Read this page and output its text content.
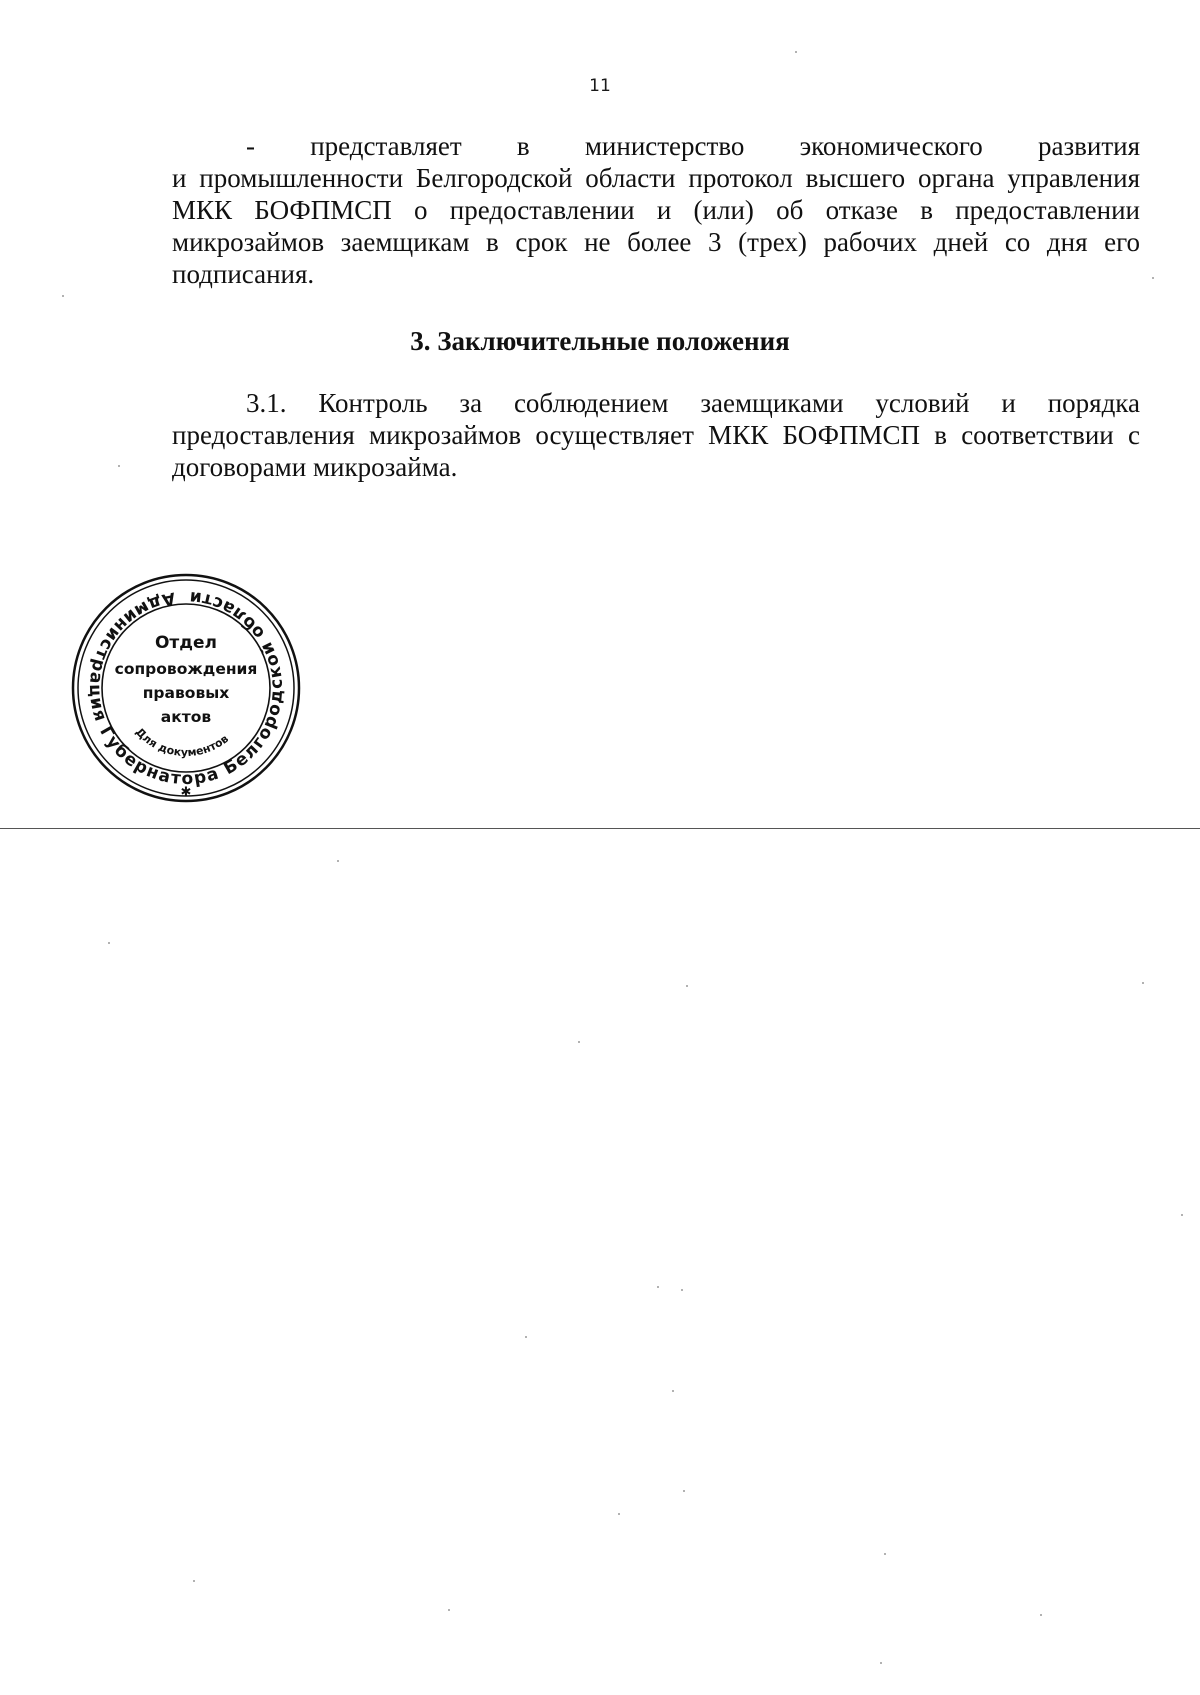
11

- представляет в министерство экономического развития
и промышленности Белгородской области протокол высшего органа управления МКК БОФПМСП о предоставлении и (или) об отказе в предоставлении микрозаймов заемщикам в срок не более 3 (трех) рабочих дней со дня его подписания.

3. Заключительные положения

3.1. Контроль за соблюдением заемщиками условий и порядка предоставления микрозаймов осуществляет МКК БОФПМСП в соответствии с договорами микрозайма.

Администрация Губернатора Белгородской области
Для документов
Отдел
сопровождения
правовых
актов
✱
